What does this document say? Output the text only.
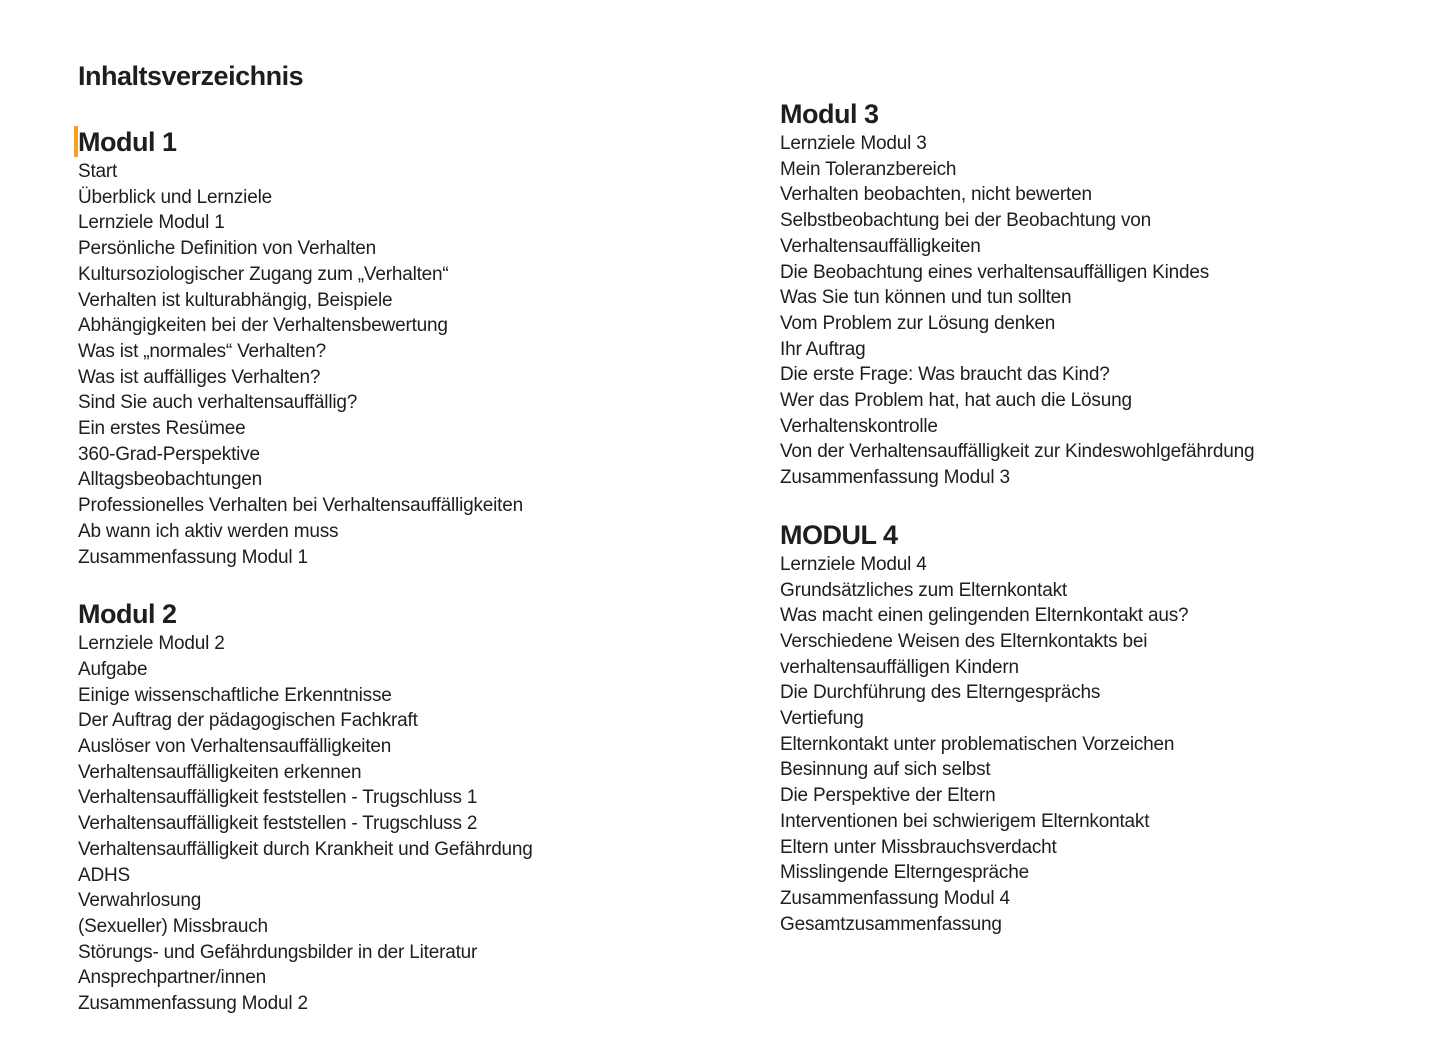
Inhaltsverzeichnis
Modul 1
Start
Überblick und Lernziele
Lernziele Modul 1
Persönliche Definition von Verhalten
Kultursoziologischer Zugang zum „Verhalten“
Verhalten ist kulturabhängig, Beispiele
Abhängigkeiten bei der Verhaltensbewertung
Was ist „normales“ Verhalten?
Was ist auffälliges Verhalten?
Sind Sie auch verhaltensauffällig?
Ein erstes Resümee
360-Grad-Perspektive
Alltagsbeobachtungen
Professionelles Verhalten bei Verhaltensauffälligkeiten
Ab wann ich aktiv werden muss
Zusammenfassung Modul 1
Modul 2
Lernziele Modul 2
Aufgabe
Einige wissenschaftliche Erkenntnisse
Der Auftrag der pädagogischen Fachkraft
Auslöser von Verhaltensauffälligkeiten
Verhaltensauffälligkeiten erkennen
Verhaltensauffälligkeit feststellen - Trugschluss 1
Verhaltensauffälligkeit feststellen - Trugschluss 2
Verhaltensauffälligkeit durch Krankheit und Gefährdung
ADHS
Verwahrlosung
(Sexueller) Missbrauch
Störungs- und Gefährdungsbilder in der Literatur
Ansprechpartner/innen
Zusammenfassung Modul 2
Modul 3
Lernziele Modul 3
Mein Toleranzbereich
Verhalten beobachten, nicht bewerten
Selbstbeobachtung bei der Beobachtung von
Verhaltensauffälligkeiten
Die Beobachtung eines verhaltensauffälligen Kindes
Was Sie tun können und tun sollten
Vom Problem zur Lösung denken
Ihr Auftrag
Die erste Frage: Was braucht das Kind?
Wer das Problem hat, hat auch die Lösung
Verhaltenskontrolle
Von der Verhaltensauffälligkeit zur Kindeswohlgefährdung
Zusammenfassung Modul 3
MODUL 4
Lernziele Modul 4
Grundsätzliches zum Elternkontakt
Was macht einen gelingenden Elternkontakt aus?
Verschiedene Weisen des Elternkontakts bei
verhaltensauffälligen Kindern
Die Durchführung des Elterngesprächs
Vertiefung
Elternkontakt unter problematischen Vorzeichen
Besinnung auf sich selbst
Die Perspektive der Eltern
Interventionen bei schwierigem Elternkontakt
Eltern unter Missbrauchsverdacht
Misslingende Elterngespräche
Zusammenfassung Modul 4
Gesamtzusammenfassung
